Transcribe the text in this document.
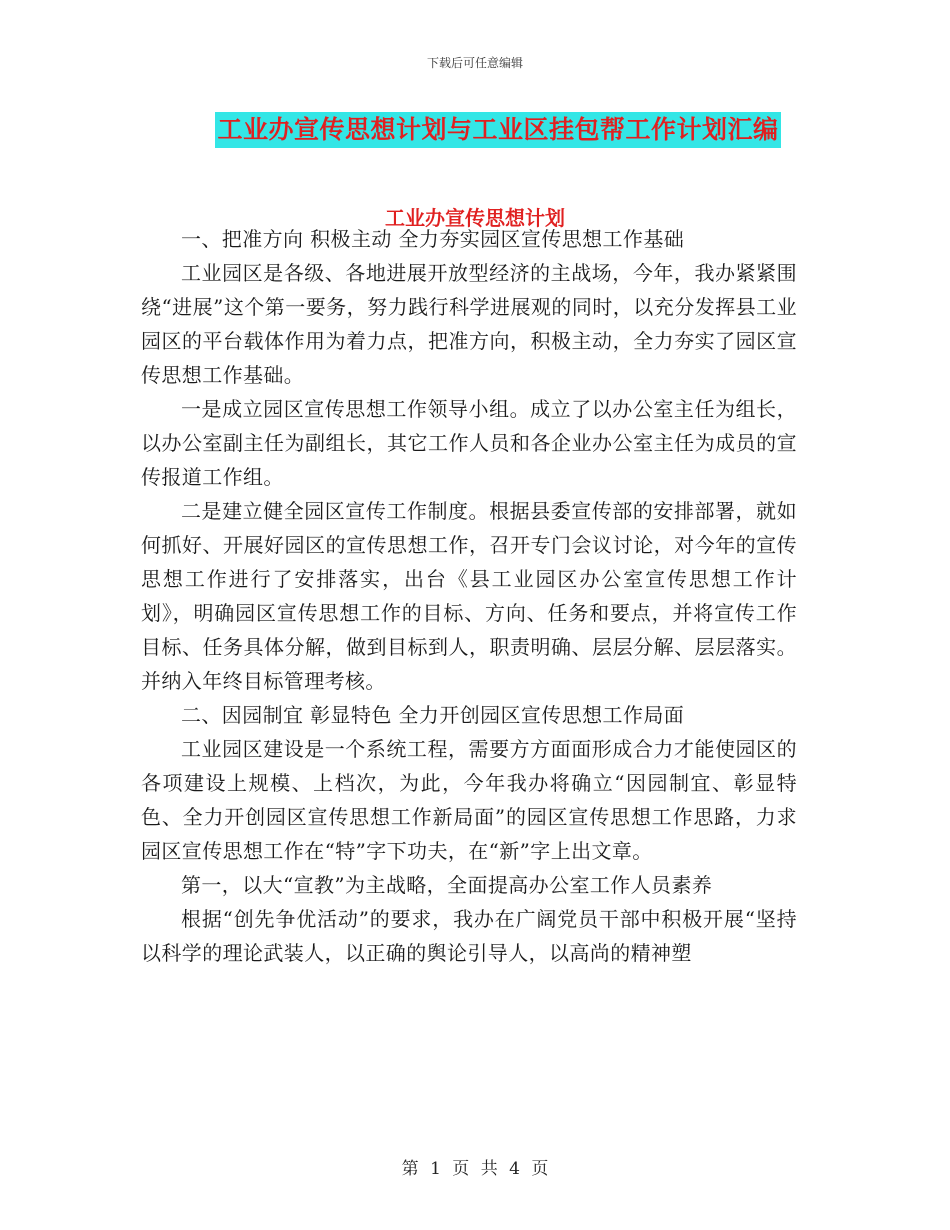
下载后可任意编辑
工业办宣传思想计划与工业区挂包帮工作计划汇编
工业办宣传思想计划

一、把准方向 积极主动 全力夯实园区宣传思想工作基础

工业园区是各级、各地进展开放型经济的主战场，今年，我办紧紧围绕“进展”这个第一要务，努力践行科学进展观的同时，以充分发挥县工业园区的平台载体作用为着力点，把准方向，积极主动，全力夯实了园区宣传思想工作基础。

一是成立园区宣传思想工作领导小组。成立了以办公室主任为组长，以办公室副主任为副组长，其它工作人员和各企业办公室主任为成员的宣传报道工作组。

二是建立健全园区宣传工作制度。根据县委宣传部的安排部署，就如何抓好、开展好园区的宣传思想工作，召开专门会议讨论，对今年的宣传思想工作进行了安排落实，出台《县工业园区办公室宣传思想工作计划》，明确园区宣传思想工作的目标、方向、任务和要点，并将宣传工作目标、任务具体分解，做到目标到人，职责明确、层层分解、层层落实。并纳入年终目标管理考核。

二、因园制宜 彰显特色 全力开创园区宣传思想工作局面

工业园区建设是一个系统工程，需要方方面面形成合力才能使园区的各项建设上规模、上档次，为此，今年我办将确立“因园制宜、彰显特色、全力开创园区宣传思想工作新局面”的园区宣传思想工作思路，力求园区宣传思想工作在“特”字下功夫，在“新”字上出文章。

第一，以大“宣教”为主战略，全面提高办公室工作人员素养

根据“创先争优活动”的要求，我办在广阔党员干部中积极开展“坚持以科学的理论武装人，以正确的舆论引导人，以高尚的精神塑

第 1 页 共 4 页
